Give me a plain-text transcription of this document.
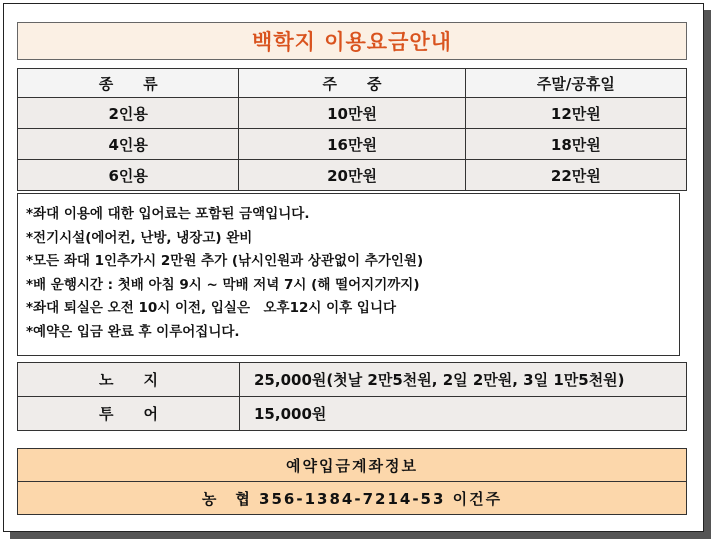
백학지 이용요금안내
종　　류	주　　중	주말/공휴일
2인용	10만원	12만원
4인용	16만원	18만원
6인용	20만원	22만원
*좌대 이용에 대한 입어료는 포함된 금액입니다.
*전기시설(에어컨, 난방, 냉장고) 완비
*모든 좌대 1인추가시 2만원 추가 (낚시인원과 상관없이 추가인원)
*배 운행시간 : 첫배 아침 9시 ~ 막배 저녁 7시 (해 떨어지기까지)
*좌대 퇴실은 오전 10시 이전, 입실은　오후12시 이후 입니다
*예약은 입금 완료 후 이루어집니다.
노　　지	25,000원(첫날 2만5천원, 2일 2만원, 3일 1만5천원)
투　　어	15,000원
예약입금계좌정보
농　협 356-1384-7214-53 이건주
